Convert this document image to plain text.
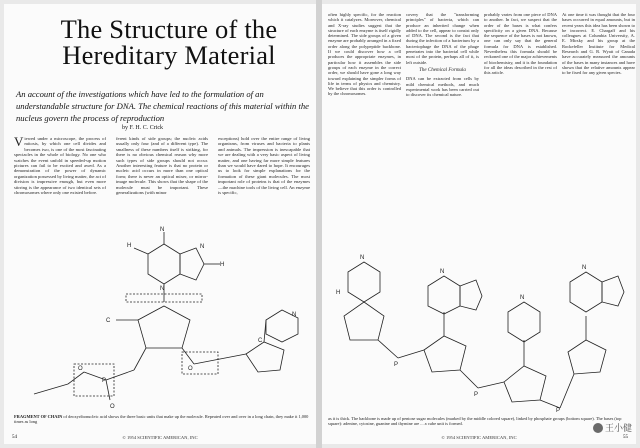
The Structure of the Hereditary Material

An account of the investigations which have led to the formulation of an understandable structure for DNA. The chemical reactions of this material within the nucleus govern the process of reproduction

by F. H. C. Crick
Viewed under a microscope, the process of mitosis, by which one cell divides and becomes two, is one of the most fascinating spectacles in the whole of biology. No one who watches the event unfold in speeded-up motion pictures can fail to be excited and awed. As a demonstration of the power of dynamic organization possessed by living matter, the act of division is impressive enough, but even more stirring is the appearance of two identical sets of chromosomes where only one existed before.
ferent kinds of side groups; the nucleic acids usually only four (and of a different type). The smallness of these numbers itself is striking, for there is no obvious chemical reason why more such types of side groups should not occur. Another interesting feature is that no protein or nucleic acid occurs in more than one optical form; there is never an optical mixer, or mirror-image molecule. This shows that the shape of the molecule must be important. These generalizations (with minor
exceptions) hold over the entire range of living organisms, from viruses and bacteria to plants and animals. The impression is inescapable that we are dealing with a very basic aspect of living matter, and one having far more simple features than we would have dared to hope. It encourages us to look for simple explanations for the formation of these giant molecules. The most important role of proteins is that of the enzymes—the machine tools of the living cell. An enzyme is specific,
N
H
N
N
C
P
O
O
O
H
C
N

FRAGMENT OF CHAIN of deoxyribonucleic acid shows the three basic units that make up the molecule. Repeated over and over in a long chain, they make it 1,000 times as long

54	© 1954 SCIENTIFIC AMERICAN, INC
often highly specific, for the reaction which it catalyzes. Moreover, chemical and X-ray studies suggest that the structure of each enzyme is itself rigidly determined. The side groups of a given enzyme are probably arranged in a fixed order along the polypeptide backbone. If we could discover how a cell produces the appropriate enzymes, in particular how it assembles the side groups of each enzyme in the correct order, we should have gone a long way toward explaining the simpler forms of life in terms of physics and chemistry. We believe that this order is controlled by the chromosomes.
covery that the "transforming principles" of bacteria, which can produce an inherited change when added to the cell, appear to consist only of DNA. The second is the fact that during the infection of a bacterium by a bacteriophage the DNA of the phage penetrates into the bacterial cell while most of the protein, perhaps all of it, is left outside.
The Chemical Formula
DNA can be extracted from cells by mild chemical methods, and much experimental work has been carried out to discover its chemical nature.
probably varies from one piece of DNA to another. In fact, we suspect that the order of the bases is what confers specificity on a given DNA. Because the sequence of the bases is not known, one can only say that the general formula for DNA is established. Nevertheless this formula should be reckoned one of the major achievements of biochemistry, and it is the foundation for all the ideas described in the rest of this article.
At one time it was thought that the four bases occurred in equal amounts, but in recent years this idea has been shown to be incorrect. E. Chargaff and his colleagues at Columbia University, A. E. Mirsky and his group at the Rockefeller Institute for Medical Research and G. R. Wyatt of Canada have accurately measured the amounts of the bases in many instances and have shown that the relative amounts appear to be fixed for any given species.
N
P
N
P
N
P
N
H

as it is thick. The backbone is made up of pentose sugar molecules (marked by the middle colored square), linked by phosphate groups (bottom square). The bases (top square): adenine, cytosine, guanine and thymine are ... a cube unit is formed.

55
© 1954 SCIENTIFIC AMERICAN, INC
王小健
